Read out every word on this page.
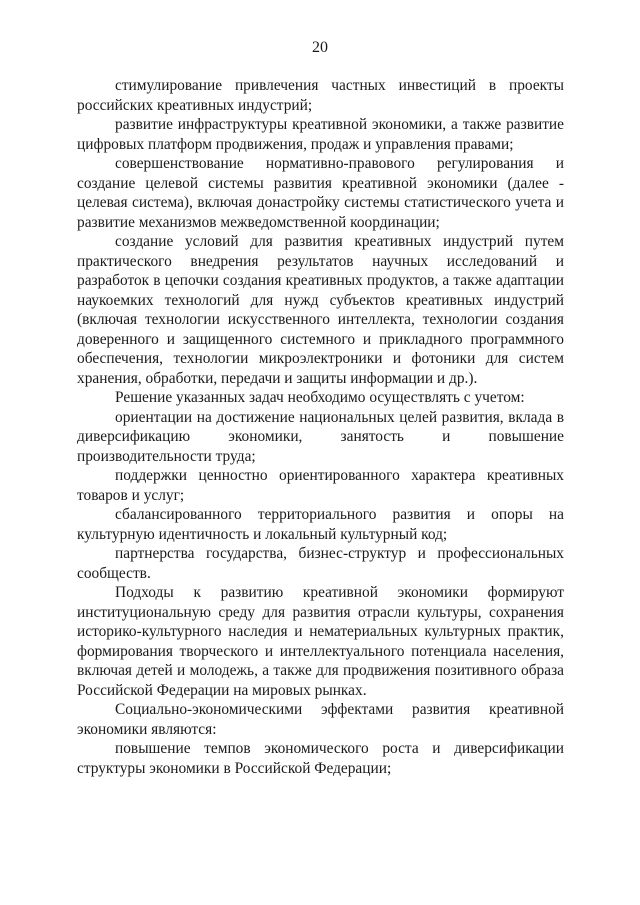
20

стимулирование привлечения частных инвестиций в проекты российских креативных индустрий;

развитие инфраструктуры креативной экономики, а также развитие цифровых платформ продвижения, продаж и управления правами;

совершенствование нормативно-правового регулирования и создание целевой системы развития креативной экономики (далее - целевая система), включая донастройку системы статистического учета и развитие механизмов межведомственной координации;

создание условий для развития креативных индустрий путем практического внедрения результатов научных исследований и разработок в цепочки создания креативных продуктов, а также адаптации наукоемких технологий для нужд субъектов креативных индустрий (включая технологии искусственного интеллекта, технологии создания доверенного и защищенного системного и прикладного программного обеспечения, технологии микроэлектроники и фотоники для систем хранения, обработки, передачи и защиты информации и др.).

Решение указанных задач необходимо осуществлять с учетом:

ориентации на достижение национальных целей развития, вклада в диверсификацию экономики, занятость и повышение производительности труда;

поддержки ценностно ориентированного характера креативных товаров и услуг;

сбалансированного территориального развития и опоры на культурную идентичность и локальный культурный код;

партнерства государства, бизнес-структур и профессиональных сообществ.

Подходы к развитию креативной экономики формируют институциональную среду для развития отрасли культуры, сохранения историко-культурного наследия и нематериальных культурных практик, формирования творческого и интеллектуального потенциала населения, включая детей и молодежь, а также для продвижения позитивного образа Российской Федерации на мировых рынках.

Социально-экономическими эффектами развития креативной экономики являются:

повышение темпов экономического роста и диверсификации структуры экономики в Российской Федерации;
